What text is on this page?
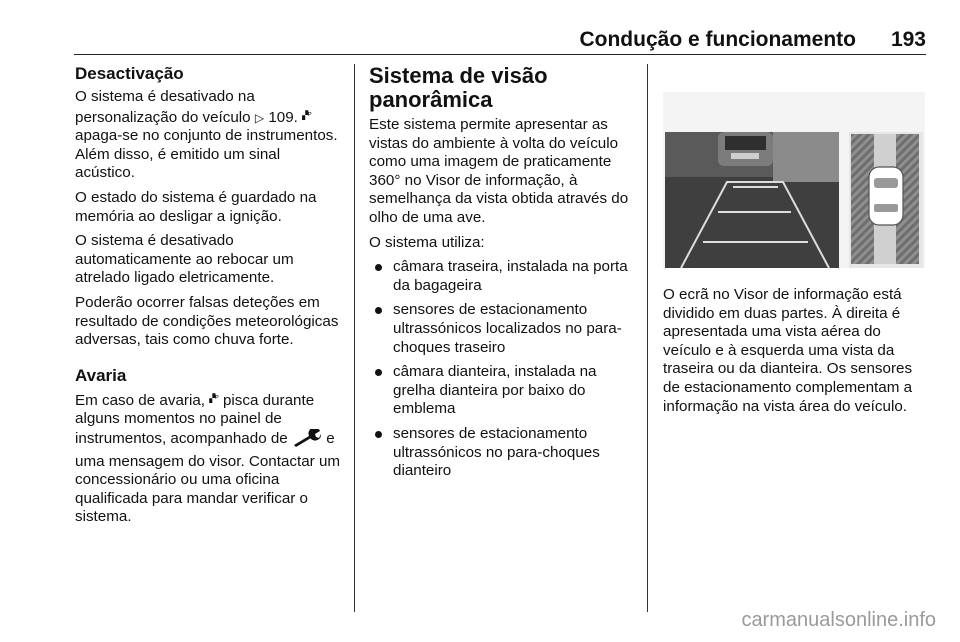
Condução e funcionamento 193
Desactivação

O sistema é desativado na personalização do veículo ▷ 109. $^{▞ᴾ}$ apaga-se no conjunto de instrumentos. Além disso, é emitido um sinal acústico.

O estado do sistema é guardado na memória ao desligar a ignição.

O sistema é desativado automaticamente ao rebocar um atrelado ligado eletricamente.

Poderão ocorrer falsas deteções em resultado de condições meteorológicas adversas, tais como chuva forte.

Avaria

Em caso de avaria, $^{▞ᴾ}$ pisca durante alguns momentos no painel de instrumentos, acompanhado de	e uma mensagem do visor. Contactar um concessionário ou uma oficina qualificada para mandar verificar o sistema.

Sistema de visão panorâmica

Este sistema permite apresentar as vistas do ambiente à volta do veículo como uma imagem de praticamente 360° no Visor de informação, à semelhança da vista obtida através do olho de uma ave.

O sistema utiliza:

câmara traseira, instalada na porta da bagageira
sensores de estacionamento ultrassónicos localizados no para-choques traseiro
câmara dianteira, instalada na grelha dianteira por baixo do emblema
sensores de estacionamento ultrassónicos no para-choques dianteiro

O ecrã no Visor de informação está dividido em duas partes. À direita é apresentada uma vista aérea do veículo e à esquerda uma vista da traseira ou da dianteira. Os sensores de estacionamento complementam a informação na vista área do veículo.

carmanualsonline.info
